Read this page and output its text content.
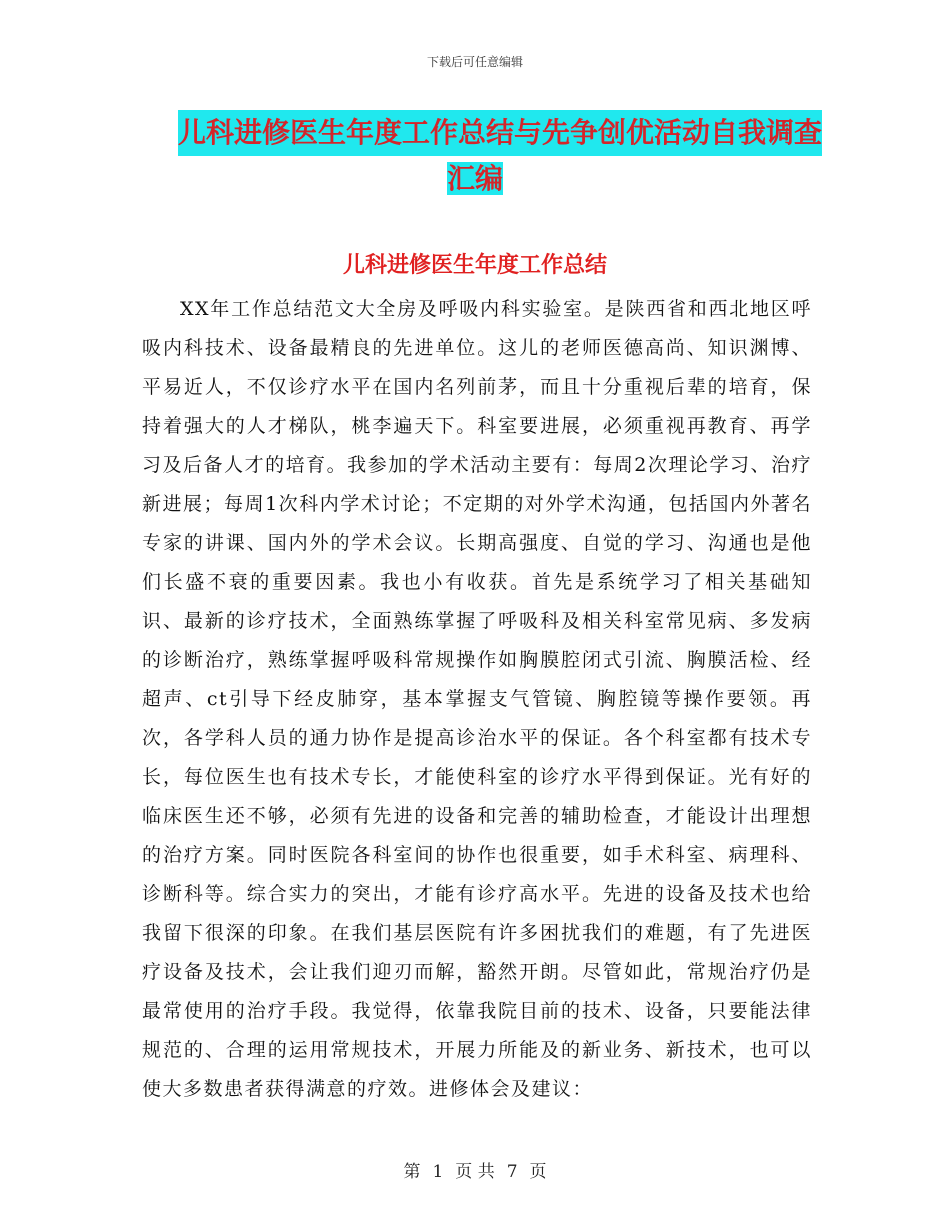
下载后可任意编辑
儿科进修医生年度工作总结与先争创优活动自我调查
汇编
儿科进修医生年度工作总结

XX年工作总结范文大全房及呼吸内科实验室。是陕西省和西北地区呼吸内科技术、设备最精良的先进单位。这儿的老师医德高尚、知识渊博、平易近人，不仅诊疗水平在国内名列前茅，而且十分重视后辈的培育，保持着强大的人才梯队，桃李遍天下。科室要进展，必须重视再教育、再学习及后备人才的培育。我参加的学术活动主要有：每周2次理论学习、治疗新进展；每周1次科内学术讨论；不定期的对外学术沟通，包括国内外著名专家的讲课、国内外的学术会议。长期高强度、自觉的学习、沟通也是他们长盛不衰的重要因素。我也小有收获。首先是系统学习了相关基础知识、最新的诊疗技术，全面熟练掌握了呼吸科及相关科室常见病、多发病的诊断治疗，熟练掌握呼吸科常规操作如胸膜腔闭式引流、胸膜活检、经超声、ct引导下经皮肺穿，基本掌握支气管镜、胸腔镜等操作要领。再次，各学科人员的通力协作是提高诊治水平的保证。各个科室都有技术专长，每位医生也有技术专长，才能使科室的诊疗水平得到保证。光有好的临床医生还不够，必须有先进的设备和完善的辅助检查，才能设计出理想的治疗方案。同时医院各科室间的协作也很重要，如手术科室、病理科、诊断科等。综合实力的突出，才能有诊疗高水平。先进的设备及技术也给我留下很深的印象。在我们基层医院有许多困扰我们的难题，有了先进医疗设备及技术，会让我们迎刃而解，豁然开朗。尽管如此，常规治疗仍是最常使用的治疗手段。我觉得，依靠我院目前的技术、设备，只要能法律规范的、合理的运用常规技术，开展力所能及的新业务、新技术，也可以使大多数患者获得满意的疗效。进修体会及建议：

第 1 页 共 7 页
